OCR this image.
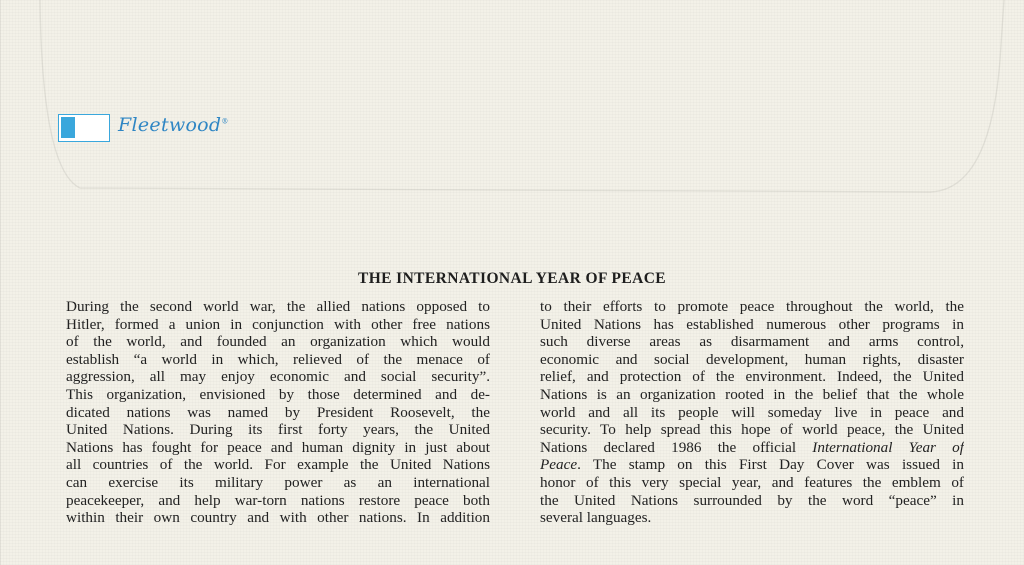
Fleetwood®
THE INTERNATIONAL YEAR OF PEACE
During the second world war, the allied nations opposed to
Hitler, formed a union in conjunction with other free nations
of the world, and founded an organization which would
establish “a world in which, relieved of the menace of
aggression, all may enjoy economic and social security”.
This organization, envisioned by those determined and de-
dicated nations was named by President Roosevelt, the
United Nations. During its first forty years, the United
Nations has fought for peace and human dignity in just about
all countries of the world. For example the United Nations
can exercise its military power as an international
peacekeeper, and help war-torn nations restore peace both
within their own country and with other nations. In addition
to their efforts to promote peace throughout the world, the
United Nations has established numerous other programs in
such diverse areas as disarmament and arms control,
economic and social development, human rights, disaster
relief, and protection of the environment. Indeed, the United
Nations is an organization rooted in the belief that the whole
world and all its people will someday live in peace and
security. To help spread this hope of world peace, the United
Nations declared 1986 the official International Year of
Peace. The stamp on this First Day Cover was issued in
honor of this very special year, and features the emblem of
the United Nations surrounded by the word “peace” in
several languages.
